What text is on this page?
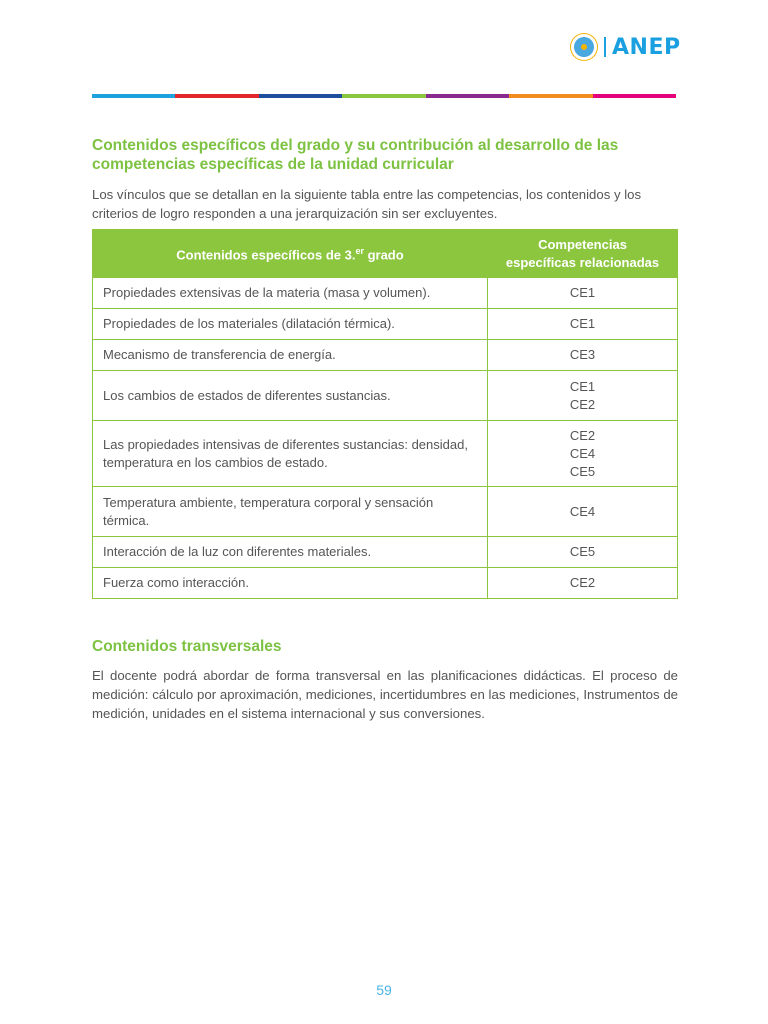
ANEP
Contenidos específicos del grado y su contribución al desarrollo de las competencias específicas de la unidad curricular

Los vínculos que se detallan en la siguiente tabla entre las competencias, los contenidos y los criterios de logro responden a una jerarquización sin ser excluyentes.

Contenidos específicos de 3.$^{er}$ grado	Competencias específicas relacionadas
Propiedades extensivas de la materia (masa y volumen).	CE1

Propiedades de los materiales (dilatación térmica).	CE1

Mecanismo de transferencia de energía.	CE3

Los cambios de estados de diferentes sustancias.	CE1
CE2

Las propiedades intensivas de diferentes sustancias: densidad, temperatura en los cambios de estado.	CE2
CE4
CE5

Temperatura ambiente, temperatura corporal y sensación térmica.	CE4

Interacción de la luz con diferentes materiales.	CE5

Fuerza como interacción.	CE2
Contenidos transversales

El docente podrá abordar de forma transversal en las planificaciones didácticas. El proceso de medición: cálculo por aproximación, mediciones, incertidumbres en las mediciones, Instrumentos de medición, unidades en el sistema internacional y sus conversiones.

59
